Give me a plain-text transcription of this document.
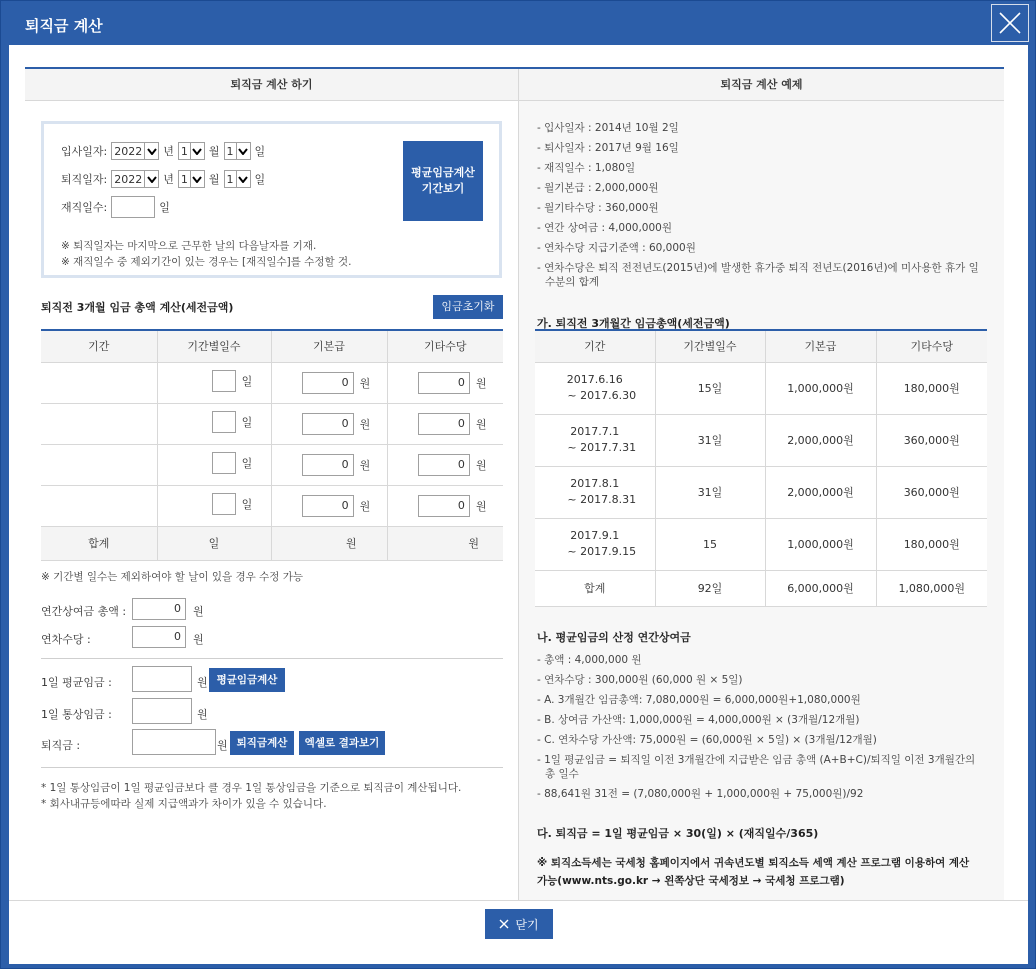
퇴직금 계산
퇴직금 계산 하기
입사일자: 2022 년 1 월 1 일
퇴직일자: 2022 년 1 월 1 일
재직일수:	일
평균임금계산
기간보기
※ 퇴직일자는 마지막으로 근무한 날의 다음날자를 기재.
※ 재직일수 중 제외기간이 있는 경우는 [재직일수]를 수정할 것.
퇴직전 3개월 임금 총액 계산(세전금액)	임금초기화
기간	기간별일수	기본급	기타수당

	일	0 원	0 원

	일	0 원	0 원

	일	0 원	0 원

	일	0 원	0 원

합계	일	원	원
※ 기간별 일수는 제외하여야 할 날이 있을 경우 수정 가능
연간상여금 총액 :	0	원
연차수당 :	0	원
1일 평균임금 :	원 평균임금계산
1일 통상임금 :	원
퇴직금 :	원 퇴직금계산	엑셀로 결과보기
* 1일 통상임금이 1일 평균임금보다 클 경우 1일 통상임금을 기준으로 퇴직금이 계산됩니다.
* 회사내규등에따라 실제 지급액과가 차이가 있을 수 있습니다.
퇴직금 계산 예제
- 입사일자 : 2014년 10월 2일
- 퇴사일자 : 2017년 9월 16일
- 재직일수 : 1,080일
- 월기본급 : 2,000,000원
- 월기타수당 : 360,000원
- 연간 상여금 : 4,000,000원
- 연차수당 지급기준액 : 60,000원
- 연차수당은 퇴직 전전년도(2015년)에 발생한 휴가중 퇴직 전년도(2016년)에 미사용한 휴가 일
수분의 합계
가. 퇴직전 3개월간 임금총액(세전금액)
기간	기간별일수	기본급	기타수당

2017.6.16
~ 2017.6.30	15일	1,000,000원	180,000원

2017.7.1
~ 2017.7.31	31일	2,000,000원	360,000원

2017.8.1
~ 2017.8.31	31일	2,000,000원	360,000원

2017.9.1
~ 2017.9.15	15	1,000,000원	180,000원
합계	92일	6,000,000원	1,080,000원
나. 평균임금의 산정 연간상여금
- 총액 : 4,000,000 원
- 연차수당 : 300,000원 (60,000 원 × 5일)
- A. 3개월간 임금총액: 7,080,000원 = 6,000,000원+1,080,000원
- B. 상여금 가산액: 1,000,000원 = 4,000,000원 × (3개월/12개월)
- C. 연차수당 가산액: 75,000원 = (60,000원 × 5일) × (3개월/12개월)
- 1일 평균임금 = 퇴직일 이전 3개월간에 지급받은 임금 총액 (A+B+C)/퇴직일 이전 3개월간의
총 일수
- 88,641원 31전 = (7,080,000원 + 1,000,000원 + 75,000원)/92
다. 퇴직금 = 1일 평균임금 × 30(일) × (재직일수/365)
※ 퇴직소득세는 국세청 홈페이지에서 귀속년도별 퇴직소득 세액 계산 프로그램 이용하여 계산
가능(www.nts.go.kr → 왼쪽상단 국세정보 → 국세청 프로그램)
닫기
